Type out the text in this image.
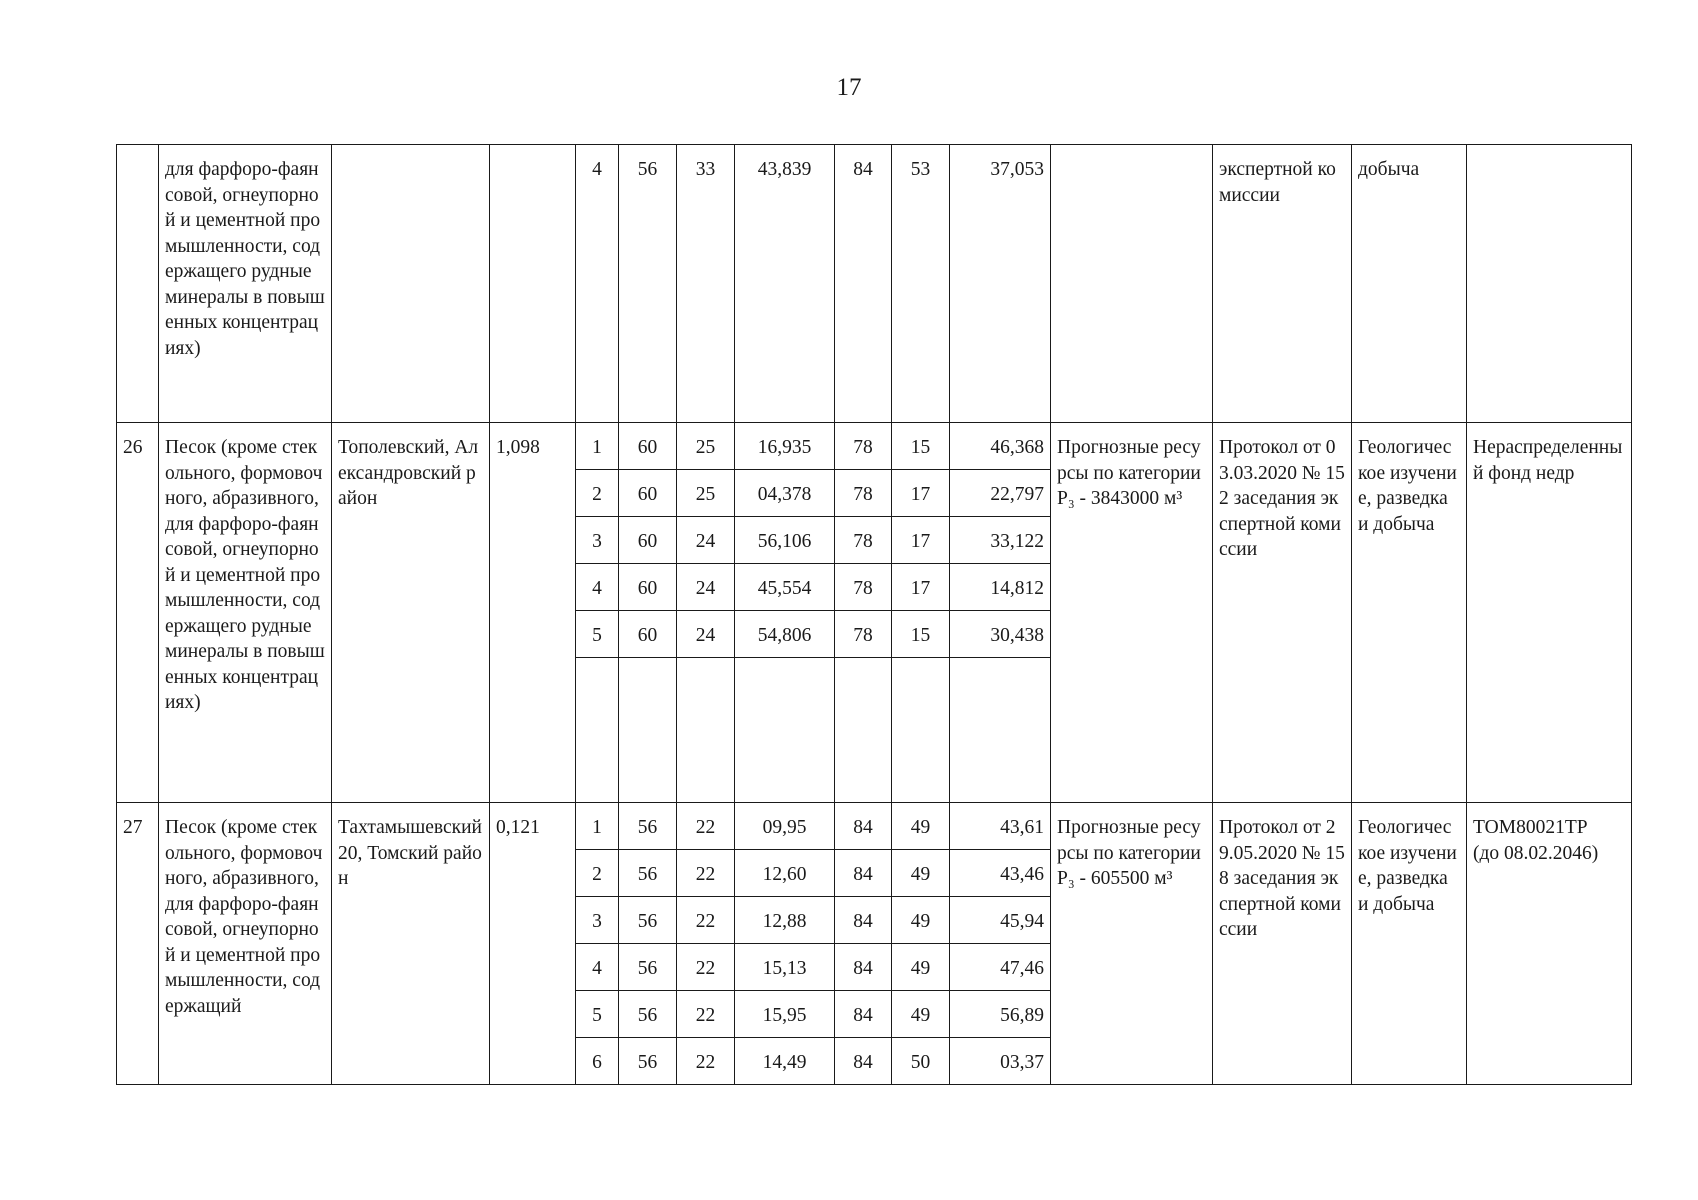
17
	для фарфоро-фаянсовой, огнеупорной и цементной промышленности, содержащего рудные минералы в повышенных концентрациях)			4	56	33	43,839	84	53	37,053		экспертной комиссии	добыча	
26	Песок (кроме стекольного, формовочного, абразивного, для фарфоро-фаянсовой, огнеупорной и цементной промышленности, содержащего рудные минералы в повышенных концентрациях)	Тополевский, Александровский район	1,098	1	60	25	16,935	78	15	46,368	Прогнозные ресурсы по категории Р₃ - 3843000 м³	Протокол от 03.03.2020 № 152 заседания экспертной комиссии	Геологическое изучение, разведка и добыча	Нераспределенный фонд недр
				2	60	25	04,378	78	17	22,797				
				3	60	24	56,106	78	17	33,122				
				4	60	24	45,554	78	17	14,812				
				5	60	24	54,806	78	15	30,438				

27	Песок (кроме стекольного, формовочного, абразивного, для фарфоро-фаянсовой, огнеупорной и цементной промышленности, содержащий	Тахтамышевский 20, Томский район	0,121	1	56	22	09,95	84	49	43,61	Прогнозные ресурсы по категории Р₃ - 605500 м³	Протокол от 29.05.2020 № 158 заседания экспертной комиссии	Геологическое изучение, разведка и добыча	ТОМ80021ТР
(до 08.02.2046)
				2	56	22	12,60	84	49	43,46				
				3	56	22	12,88	84	49	45,94				
				4	56	22	15,13	84	49	47,46				
				5	56	22	15,95	84	49	56,89				
				6	56	22	14,49	84	50	03,37				
